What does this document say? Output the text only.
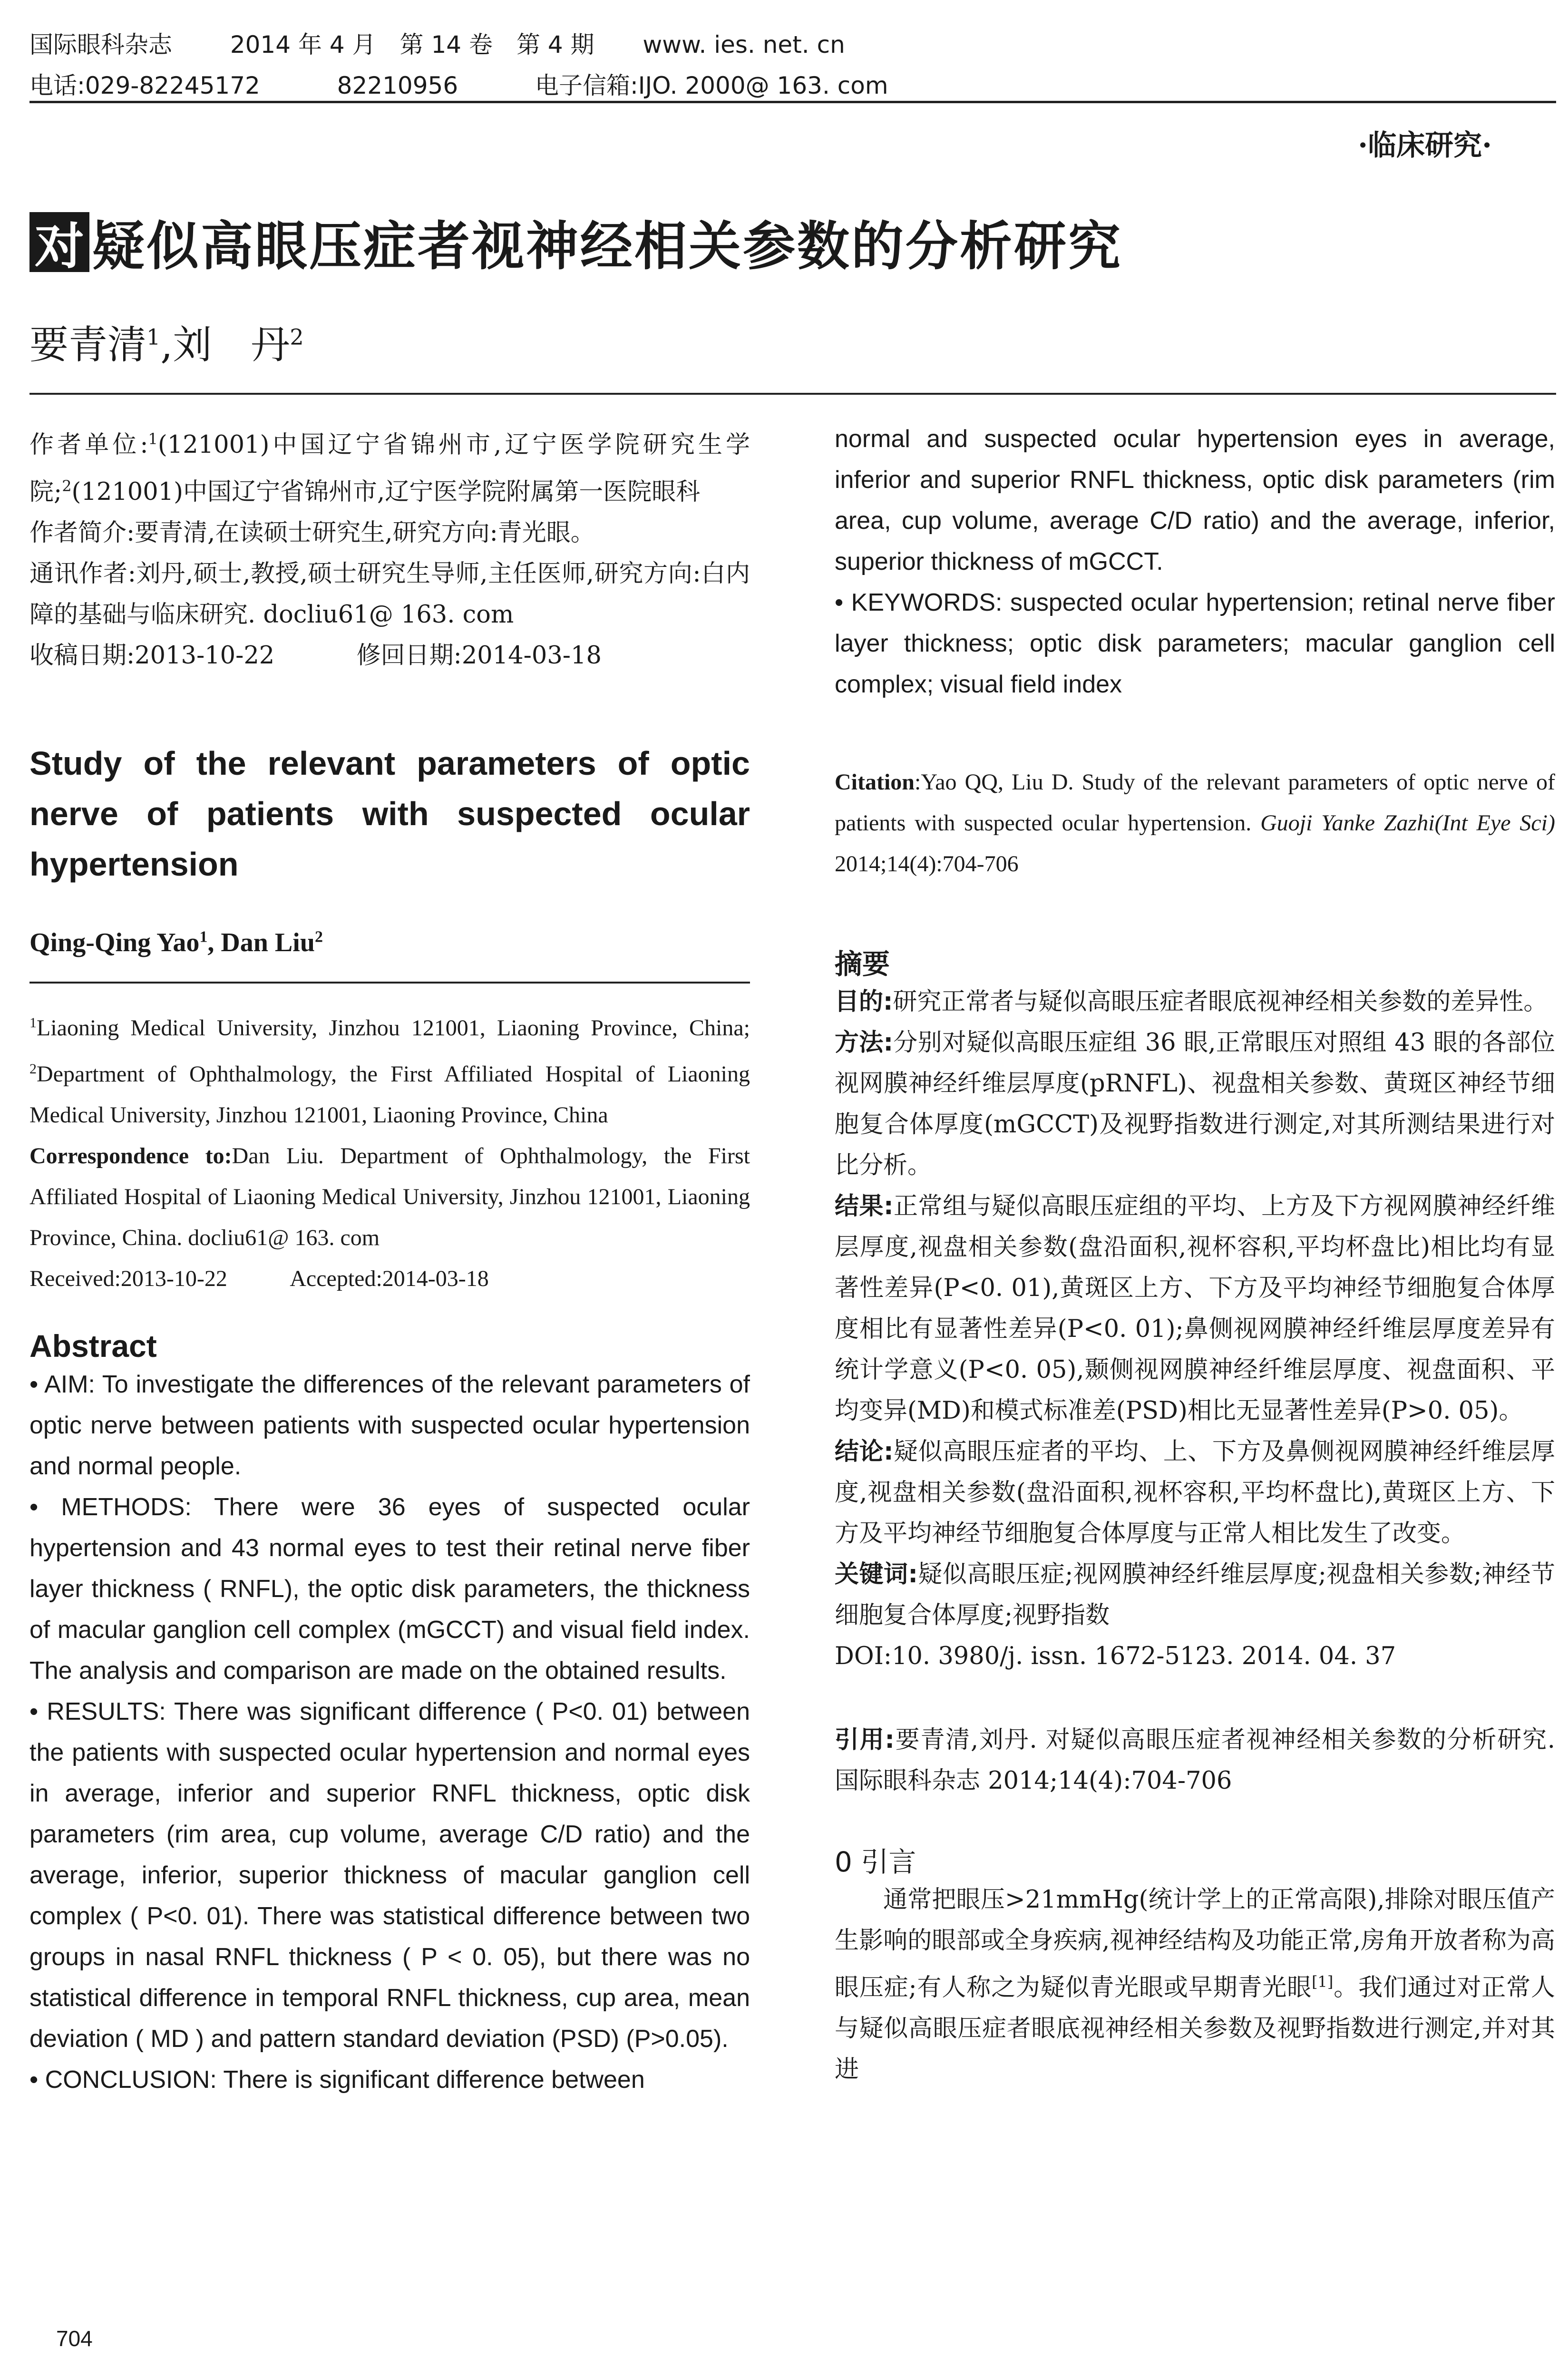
国际眼科杂志 2014 年 4 月　第 14 卷　第 4 期 www. ies. net. cn
电话:029-82245172	82210956	电子信箱:IJO. 2000@ 163. com
·临床研究·
对 疑似高眼压症者视神经相关参数的分析研究
要青清$^1$,刘　丹$^2$

作者单位:$^1$(121001)中国辽宁省锦州市,辽宁医学院研究生学院;$^2$(121001)中国辽宁省锦州市,辽宁医学院附属第一医院眼科

作者简介:要青清,在读硕士研究生,研究方向:青光眼。

通讯作者:刘丹,硕士,教授,硕士研究生导师,主任医师,研究方向:白内障的基础与临床研究. docliu61@ 163. com

收稿日期:2013-10-22	修回日期:2014-03-18

Study of the relevant parameters of optic nerve of patients with suspected ocular hypertension

Qing-Qing Yao$^1$, Dan Liu$^2$

$^1$Liaoning Medical University, Jinzhou 121001, Liaoning Province, China; $^2$Department of Ophthalmology, the First Affiliated Hospital of Liaoning Medical University, Jinzhou 121001, Liaoning Province, China

Correspondence to:Dan Liu. Department of Ophthalmology, the First Affiliated Hospital of Liaoning Medical University, Jinzhou 121001, Liaoning Province, China. docliu61@ 163. com

Received:2013-10-22	Accepted:2014-03-18

Abstract

• AIM: To investigate the differences of the relevant parameters of optic nerve between patients with suspected ocular hypertension and normal people.

• METHODS: There were 36 eyes of suspected ocular hypertension and 43 normal eyes to test their retinal nerve fiber layer thickness ( RNFL), the optic disk parameters, the thickness of macular ganglion cell complex (mGCCT) and visual field index. The analysis and comparison are made on the obtained results.

• RESULTS: There was significant difference ( P<0. 01) between the patients with suspected ocular hypertension and normal eyes in average, inferior and superior RNFL thickness, optic disk parameters (rim area, cup volume, average C/D ratio) and the average, inferior, superior thickness of macular ganglion cell complex ( P<0. 01). There was statistical difference between two groups in nasal RNFL thickness ( P < 0. 05), but there was no statistical difference in temporal RNFL thickness, cup area, mean deviation ( MD ) and pattern standard deviation (PSD) (P>0.05).

• CONCLUSION: There is significant difference between

normal and suspected ocular hypertension eyes in average, inferior and superior RNFL thickness, optic disk parameters (rim area, cup volume, average C/D ratio) and the average, inferior, superior thickness of mGCCT.

• KEYWORDS: suspected ocular hypertension; retinal nerve fiber layer thickness; optic disk parameters; macular ganglion cell complex; visual field index

Citation:Yao QQ, Liu D. Study of the relevant parameters of optic nerve of patients with suspected ocular hypertension. Guoji Yanke Zazhi(Int Eye Sci) 2014;14(4):704-706

摘要

目的:研究正常者与疑似高眼压症者眼底视神经相关参数的差异性。

方法:分别对疑似高眼压症组 36 眼,正常眼压对照组 43 眼的各部位视网膜神经纤维层厚度(pRNFL)、视盘相关参数、黄斑区神经节细胞复合体厚度(mGCCT)及视野指数进行测定,对其所测结果进行对比分析。

结果:正常组与疑似高眼压症组的平均、上方及下方视网膜神经纤维层厚度,视盘相关参数(盘沿面积,视杯容积,平均杯盘比)相比均有显著性差异(P<0. 01),黄斑区上方、下方及平均神经节细胞复合体厚度相比有显著性差异(P<0. 01);鼻侧视网膜神经纤维层厚度差异有统计学意义(P<0. 05),颞侧视网膜神经纤维层厚度、视盘面积、平均变异(MD)和模式标准差(PSD)相比无显著性差异(P>0. 05)。

结论:疑似高眼压症者的平均、上、下方及鼻侧视网膜神经纤维层厚度,视盘相关参数(盘沿面积,视杯容积,平均杯盘比),黄斑区上方、下方及平均神经节细胞复合体厚度与正常人相比发生了改变。

关键词:疑似高眼压症;视网膜神经纤维层厚度;视盘相关参数;神经节细胞复合体厚度;视野指数

DOI:10. 3980/j. issn. 1672-5123. 2014. 04. 37

引用:要青清,刘丹. 对疑似高眼压症者视神经相关参数的分析研究. 国际眼科杂志 2014;14(4):704-706

0 引言

通常把眼压>21mmHg(统计学上的正常高限),排除对眼压值产生影响的眼部或全身疾病,视神经结构及功能正常,房角开放者称为高眼压症;有人称之为疑似青光眼或早期青光眼[1]。我们通过对正常人与疑似高眼压症者眼底视神经相关参数及视野指数进行测定,并对其进

704
